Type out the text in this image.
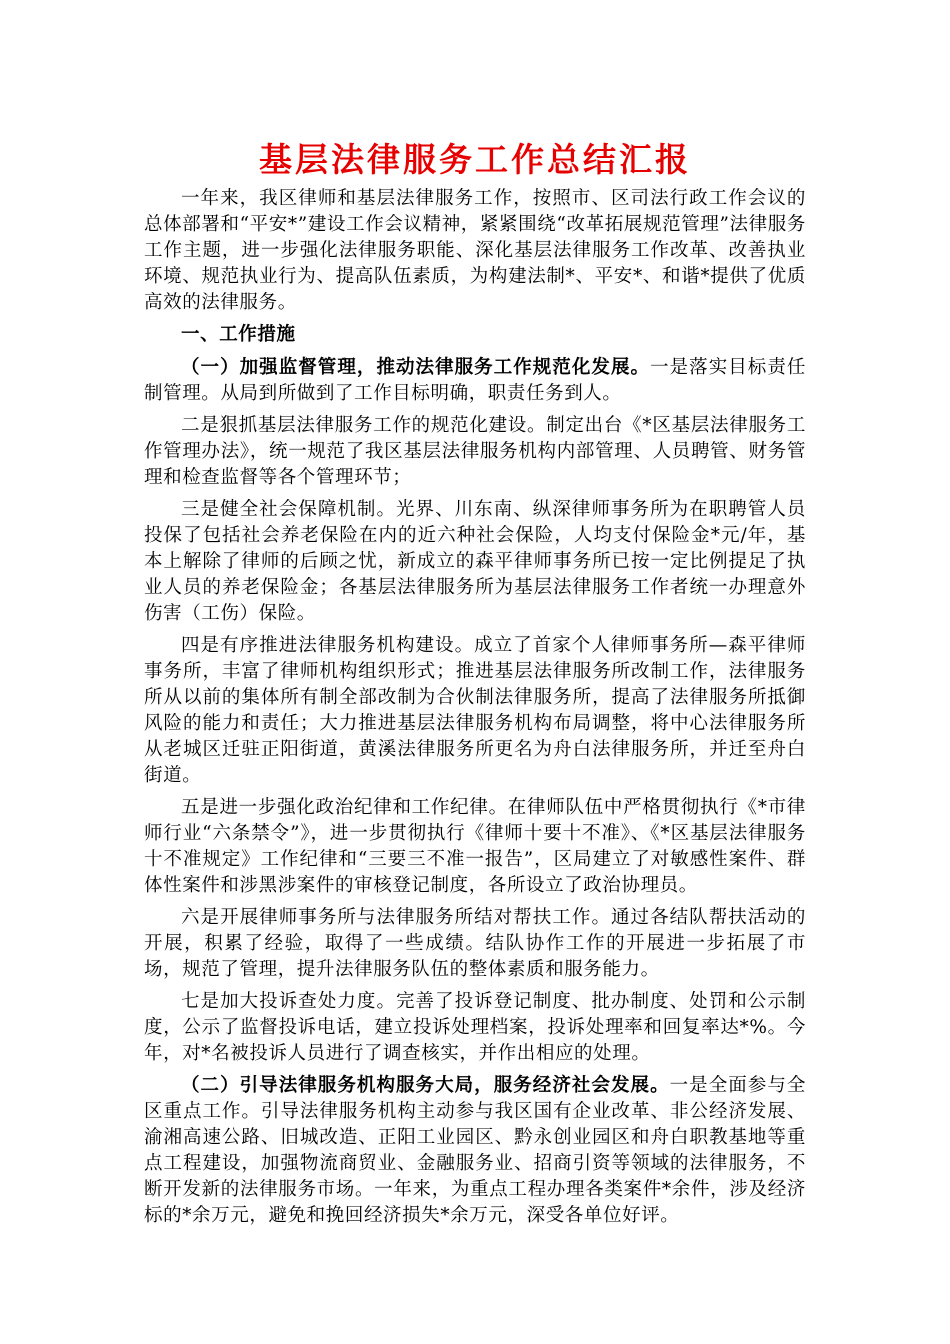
基层法律服务工作总结汇报

一年来，我区律师和基层法律服务工作，按照市、区司法行政工作会议的总体部署和“平安*”建设工作会议精神，紧紧围绕“改革拓展规范管理”法律服务工作主题，进一步强化法律服务职能、深化基层法律服务工作改革、改善执业环境、规范执业行为、提高队伍素质，为构建法制*、平安*、和谐*提供了优质高效的法律服务。

一、工作措施

（一）加强监督管理，推动法律服务工作规范化发展。一是落实目标责任制管理。从局到所做到了工作目标明确，职责任务到人。

二是狠抓基层法律服务工作的规范化建设。制定出台《*区基层法律服务工作管理办法》，统一规范了我区基层法律服务机构内部管理、人员聘管、财务管理和检查监督等各个管理环节；

三是健全社会保障机制。光界、川东南、纵深律师事务所为在职聘管人员投保了包括社会养老保险在内的近六种社会保险，人均支付保险金*元/年，基本上解除了律师的后顾之忧，新成立的森平律师事务所已按一定比例提足了执业人员的养老保险金；各基层法律服务所为基层法律服务工作者统一办理意外伤害（工伤）保险。

四是有序推进法律服务机构建设。成立了首家个人律师事务所—森平律师事务所，丰富了律师机构组织形式；推进基层法律服务所改制工作，法律服务所从以前的集体所有制全部改制为合伙制法律服务所，提高了法律服务所抵御风险的能力和责任；大力推进基层法律服务机构布局调整，将中心法律服务所从老城区迁驻正阳街道，黄溪法律服务所更名为舟白法律服务所，并迁至舟白街道。

五是进一步强化政治纪律和工作纪律。在律师队伍中严格贯彻执行《*市律师行业“六条禁令”》，进一步贯彻执行《律师十要十不准》、《*区基层法律服务十不准规定》工作纪律和“三要三不准一报告”，区局建立了对敏感性案件、群体性案件和涉黑涉案件的审核登记制度，各所设立了政治协理员。

六是开展律师事务所与法律服务所结对帮扶工作。通过各结队帮扶活动的开展，积累了经验，取得了一些成绩。结队协作工作的开展进一步拓展了市场，规范了管理，提升法律服务队伍的整体素质和服务能力。

七是加大投诉查处力度。完善了投诉登记制度、批办制度、处罚和公示制度，公示了监督投诉电话，建立投诉处理档案，投诉处理率和回复率达*%。今年，对*名被投诉人员进行了调查核实，并作出相应的处理。

（二）引导法律服务机构服务大局，服务经济社会发展。一是全面参与全区重点工作。引导法律服务机构主动参与我区国有企业改革、非公经济发展、渝湘高速公路、旧城改造、正阳工业园区、黔永创业园区和舟白职教基地等重点工程建设，加强物流商贸业、金融服务业、招商引资等领域的法律服务，不断开发新的法律服务市场。一年来，为重点工程办理各类案件*余件，涉及经济标的*余万元，避免和挽回经济损失*余万元，深受各单位好评。
